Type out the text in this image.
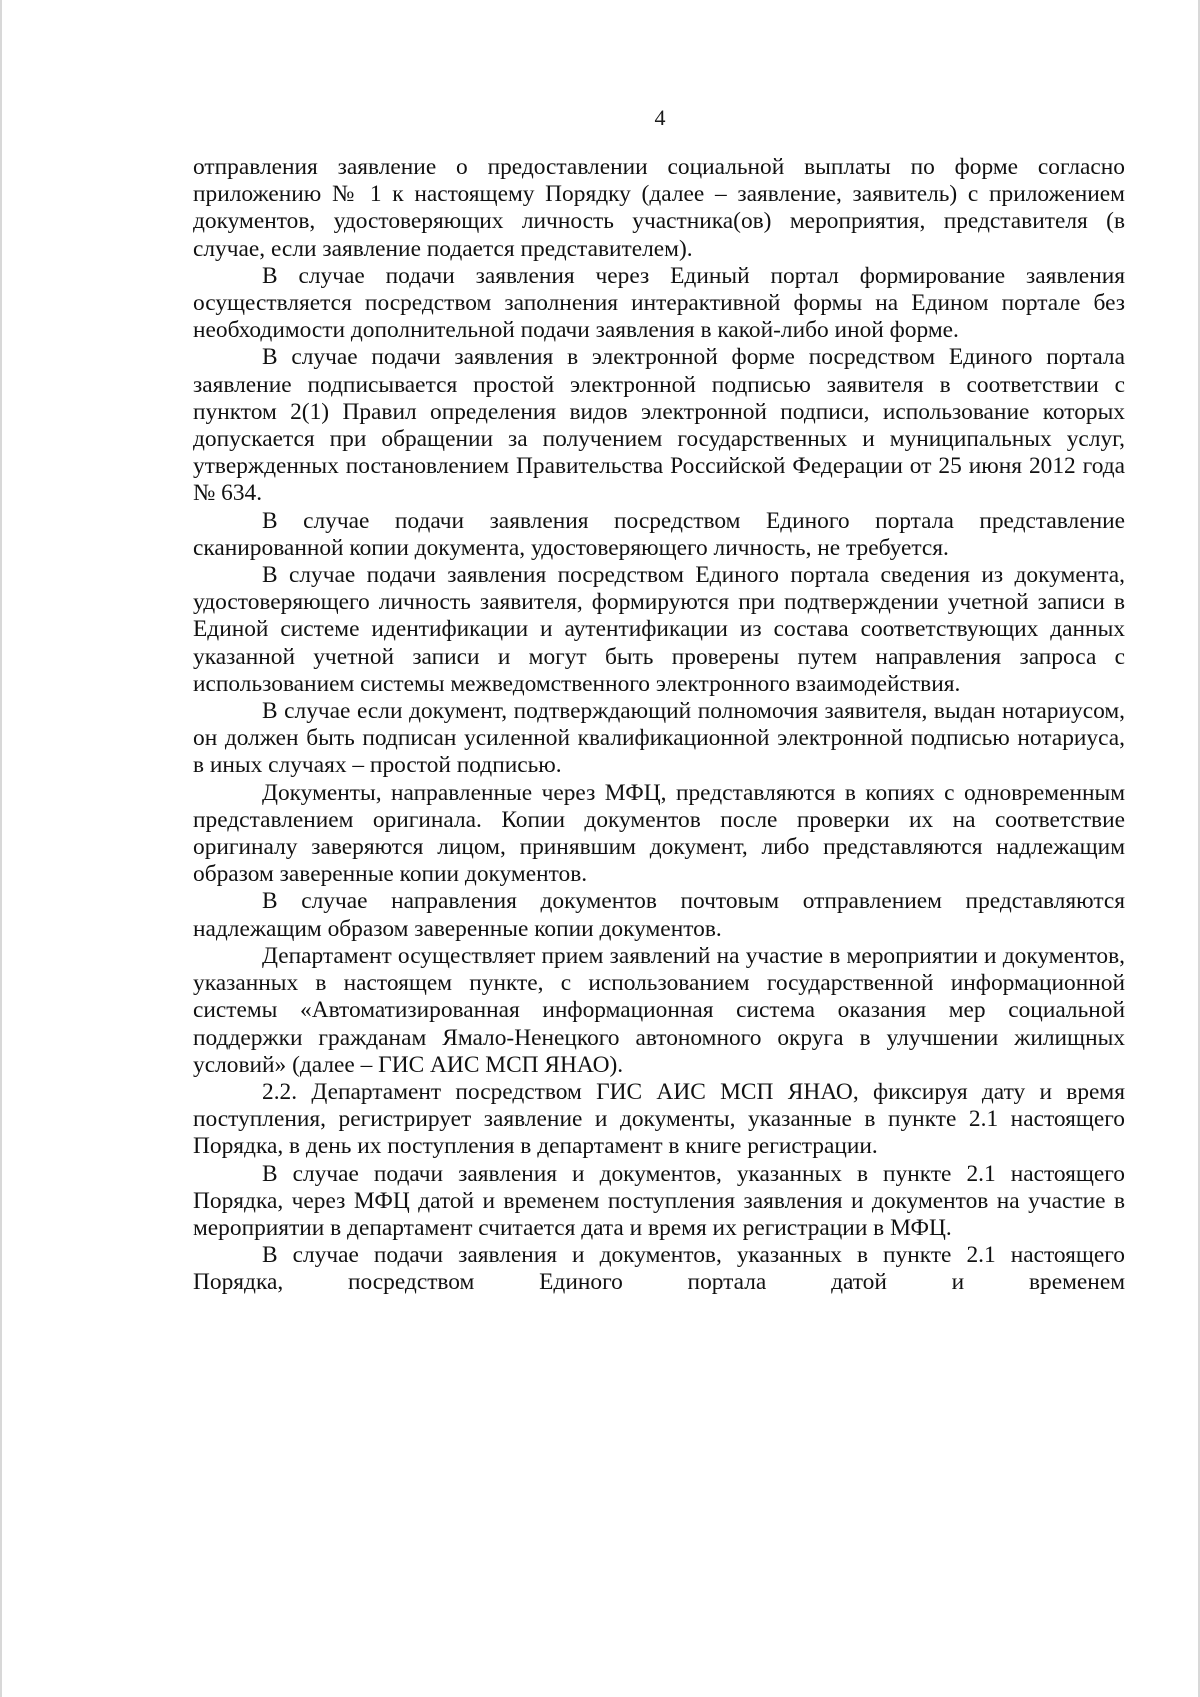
4

отправления заявление о предоставлении социальной выплаты по форме согласно приложению № 1 к настоящему Порядку (далее – заявление, заявитель) с приложением документов, удостоверяющих личность участника(ов) мероприятия, представителя (в случае, если заявление подается представителем).

В случае подачи заявления через Единый портал формирование заявления осуществляется посредством заполнения интерактивной формы на Едином портале без необходимости дополнительной подачи заявления в какой-либо иной форме.

В случае подачи заявления в электронной форме посредством Единого портала заявление подписывается простой электронной подписью заявителя в соответствии с пунктом 2(1) Правил определения видов электронной подписи, использование которых допускается при обращении за получением государственных и муниципальных услуг, утвержденных постановлением Правительства Российской Федерации от 25 июня 2012 года № 634.

В случае подачи заявления посредством Единого портала представление сканированной копии документа, удостоверяющего личность, не требуется.

В случае подачи заявления посредством Единого портала сведения из документа, удостоверяющего личность заявителя, формируются при подтверждении учетной записи в Единой системе идентификации и аутентификации из состава соответствующих данных указанной учетной записи и могут быть проверены путем направления запроса с использованием системы межведомственного электронного взаимодействия.

В случае если документ, подтверждающий полномочия заявителя, выдан нотариусом, он должен быть подписан усиленной квалификационной электронной подписью нотариуса, в иных случаях – простой подписью.

Документы, направленные через МФЦ, представляются в копиях с одновременным представлением оригинала. Копии документов после проверки их на соответствие оригиналу заверяются лицом, принявшим документ, либо представляются надлежащим образом заверенные копии документов.

В случае направления документов почтовым отправлением представляются надлежащим образом заверенные копии документов.

Департамент осуществляет прием заявлений на участие в мероприятии и документов, указанных в настоящем пункте, с использованием государственной информационной системы «Автоматизированная информационная система оказания мер социальной поддержки гражданам Ямало-Ненецкого автономного округа в улучшении жилищных условий» (далее – ГИС АИС МСП ЯНАО).

2.2. Департамент посредством ГИС АИС МСП ЯНАО, фиксируя дату и время поступления, регистрирует заявление и документы, указанные в пункте 2.1 настоящего Порядка, в день их поступления в департамент в книге регистрации.

В случае подачи заявления и документов, указанных в пункте 2.1 настоящего Порядка, через МФЦ датой и временем поступления заявления и документов на участие в мероприятии в департамент считается дата и время их регистрации в МФЦ.

В случае подачи заявления и документов, указанных в пункте 2.1 настоящего Порядка, посредством Единого портала датой и временем
